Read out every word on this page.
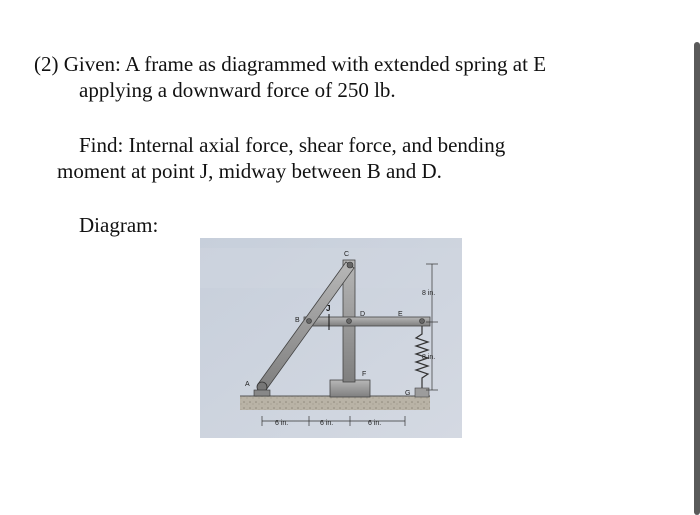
(2) Given: A frame as diagrammed with extended spring at E
applying a downward force of 250 lb.
Find: Internal axial force, shear force, and bending
moment at point J, midway between B and D.
Diagram:
A
B
C
D	E
F
G
J
8 in.
8 in.
6 in.	6 in.	6 in.
